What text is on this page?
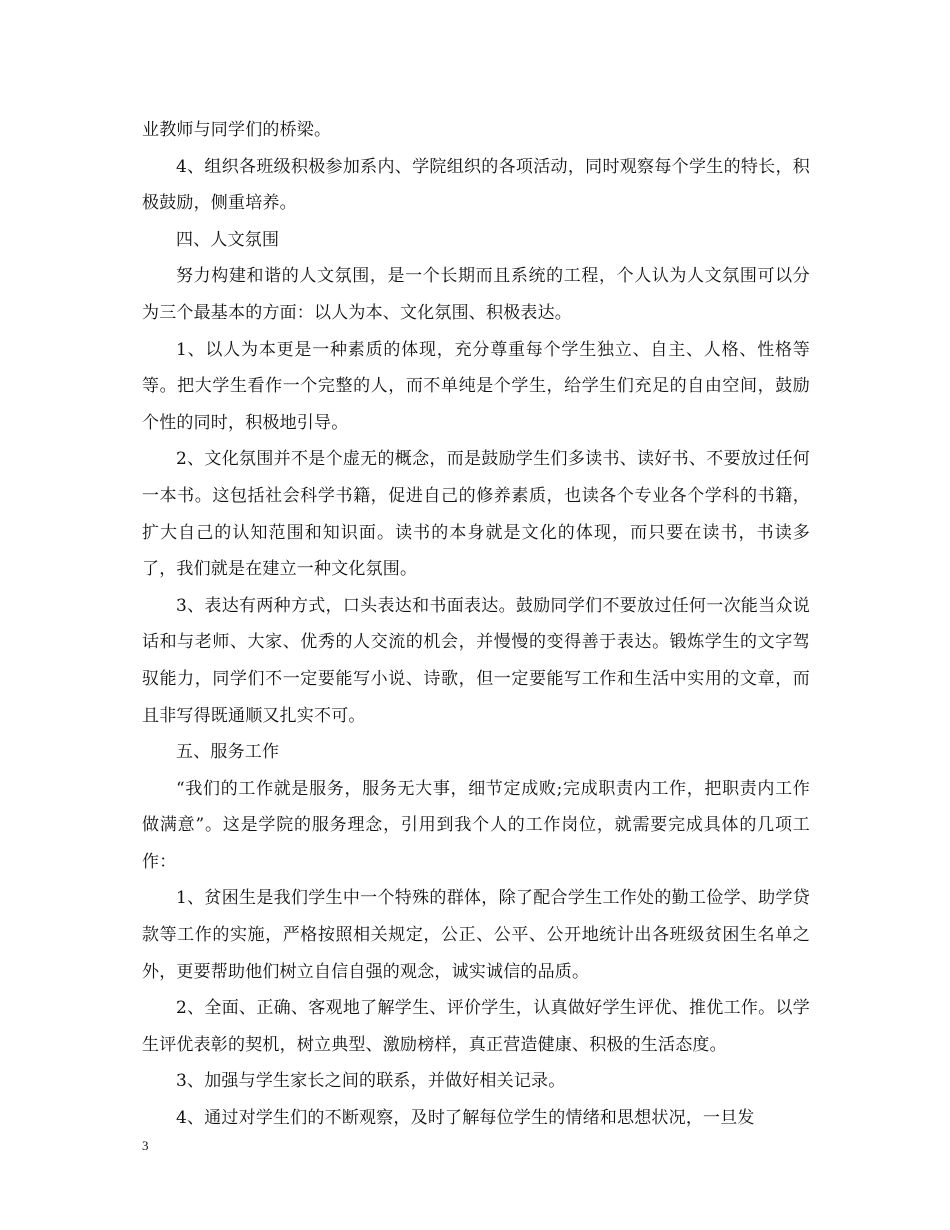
业教师与同学们的桥梁。

4、组织各班级积极参加系内、学院组织的各项活动，同时观察每个学生的特长，积极鼓励，侧重培养。

四、人文氛围

努力构建和谐的人文氛围，是一个长期而且系统的工程，个人认为人文氛围可以分为三个最基本的方面：以人为本、文化氛围、积极表达。

1、以人为本更是一种素质的体现，充分尊重每个学生独立、自主、人格、性格等等。把大学生看作一个完整的人，而不单纯是个学生，给学生们充足的自由空间，鼓励个性的同时，积极地引导。

2、文化氛围并不是个虚无的概念，而是鼓励学生们多读书、读好书、不要放过任何一本书。这包括社会科学书籍，促进自己的修养素质，也读各个专业各个学科的书籍，扩大自己的认知范围和知识面。读书的本身就是文化的体现，而只要在读书，书读多了，我们就是在建立一种文化氛围。

3、表达有两种方式，口头表达和书面表达。鼓励同学们不要放过任何一次能当众说话和与老师、大家、优秀的人交流的机会，并慢慢的变得善于表达。锻炼学生的文字驾驭能力，同学们不一定要能写小说、诗歌，但一定要能写工作和生活中实用的文章，而且非写得既通顺又扎实不可。

五、服务工作

“我们的工作就是服务，服务无大事，细节定成败;完成职责内工作，把职责内工作做满意”。这是学院的服务理念，引用到我个人的工作岗位，就需要完成具体的几项工作：

1、贫困生是我们学生中一个特殊的群体，除了配合学生工作处的勤工俭学、助学贷款等工作的实施，严格按照相关规定，公正、公平、公开地统计出各班级贫困生名单之外，更要帮助他们树立自信自强的观念，诚实诚信的品质。

2、全面、正确、客观地了解学生、评价学生，认真做好学生评优、推优工作。以学生评优表彰的契机，树立典型、激励榜样，真正营造健康、积极的生活态度。

3、加强与学生家长之间的联系，并做好相关记录。

4、通过对学生们的不断观察，及时了解每位学生的情绪和思想状况，一旦发

3
